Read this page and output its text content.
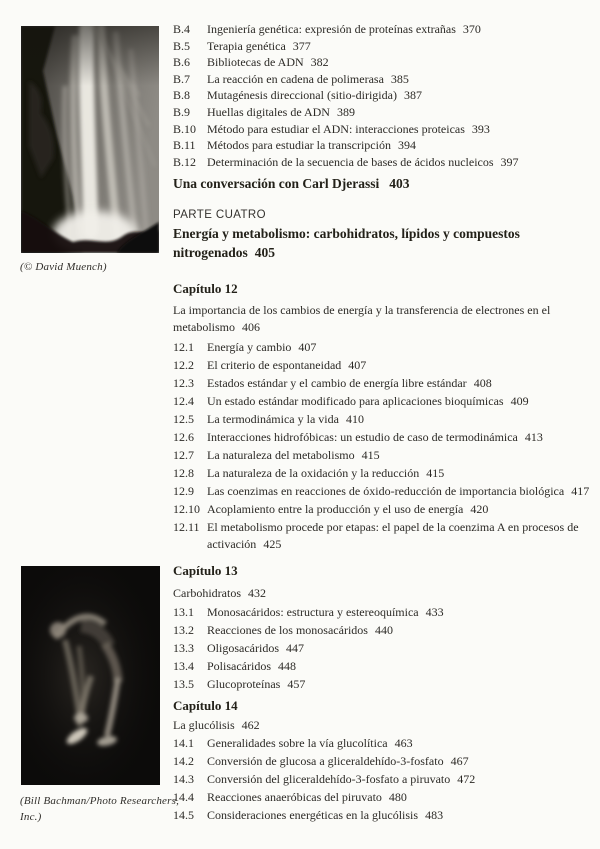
(© David Muench)
(Bill Bachman/Photo Researchers,
Inc.)
B.4	Ingeniería genética: expresión de proteínas extrañas 370
B.5	Terapia genética 377
B.6	Bibliotecas de ADN 382
B.7	La reacción en cadena de polimerasa 385
B.8	Mutagénesis direccional (sitio-dirigida) 387
B.9	Huellas digitales de ADN 389
B.10 Método para estudiar el ADN: interacciones proteicas 393
B.11 Métodos para estudiar la transcripción 394
B.12 Determinación de la secuencia de bases de ácidos nucleicos 397
Una conversación con Carl Djerassi 403
PARTE CUATRO
Energía y metabolismo: carbohidratos, lípidos y compuestos nitrogenados 405
Capítulo 12

La importancia de los cambios de energía y la transferencia de electrones en el metabolismo 406

12.1	Energía y cambio 407
12.2	El criterio de espontaneidad 407
12.3	Estados estándar y el cambio de energía libre estándar 408
12.4	Un estado estándar modificado para aplicaciones bioquímicas 409
12.5	La termodinámica y la vida 410
12.6	Interacciones hidrofóbicas: un estudio de caso de termodinámica 413
12.7	La naturaleza del metabolismo 415
12.8	La naturaleza de la oxidación y la reducción 415
12.9	Las coenzimas en reacciones de óxido-reducción de importancia biológica 417
12.10 Acoplamiento entre la producción y el uso de energía 420
12.11 El metabolismo procede por etapas: el papel de la coenzima A en procesos de activación 425
Capítulo 13

Carbohidratos 432

13.1	Monosacáridos: estructura y estereoquímica 433
13.2	Reacciones de los monosacáridos 440
13.3	Oligosacáridos 447
13.4	Polisacáridos 448
13.5	Glucoproteínas 457
Capítulo 14

La glucólisis 462

14.1	Generalidades sobre la vía glucolítica 463
14.2	Conversión de glucosa a gliceraldehído-3-fosfato 467
14.3	Conversión del gliceraldehído-3-fosfato a piruvato 472
14.4	Reacciones anaeróbicas del piruvato 480
14.5	Consideraciones energéticas en la glucólisis 483
